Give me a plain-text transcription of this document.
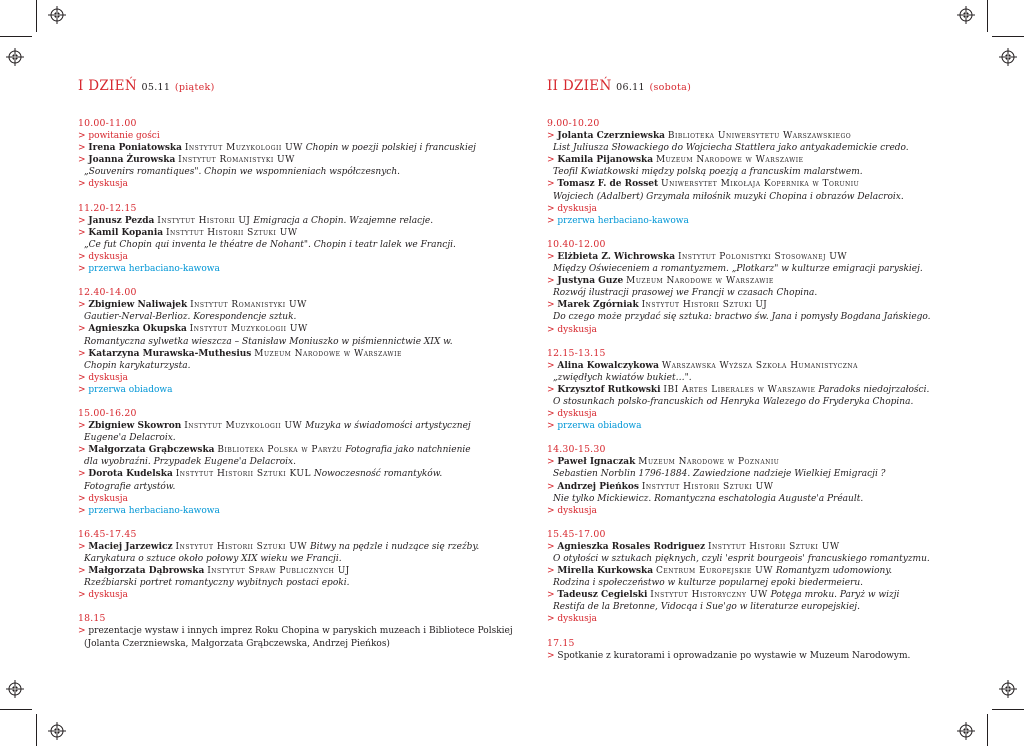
I DZIEŃ 05.11 (piątek)
10.00-11.00
> powitanie gości
> Irena Poniatowska Instytut Muzykologii UW Chopin w poezji polskiej i francuskiej
> Joanna Żurowska Instytut Romanistyki UW
„Souvenirs romantiques". Chopin we wspomnieniach współczesnych.
> dyskusja
11.20-12.15
> Janusz Pezda Instytut Historii UJ Emigracja a Chopin. Wzajemne relacje.
> Kamil Kopania Instytut Historii Sztuki UW
„Ce fut Chopin qui inventa le théatre de Nohant". Chopin i teatr lalek we Francji.
> dyskusja
> przerwa herbaciano-kawowa
12.40-14.00
> Zbigniew Naliwajek Instytut Romanistyki UW
Gautier-Nerval-Berlioz. Korespondencje sztuk.
> Agnieszka Okupska Instytut Muzykologii UW
Romantyczna sylwetka wieszcza – Stanisław Moniuszko w piśmiennictwie XIX w.
> Katarzyna Murawska-Muthesius Muzeum Narodowe w Warszawie
Chopin karykaturzysta.
> dyskusja
> przerwa obiadowa
15.00-16.20
> Zbigniew Skowron Instytut Muzykologii UW Muzyka w świadomości artystycznej
Eugene'a Delacroix.
> Małgorzata Grąbczewska Biblioteka Polska w Paryżu Fotografia jako natchnienie
dla wyobraźni. Przypadek Eugene'a Delacroix.
> Dorota Kudelska Instytut Historii Sztuki KUL Nowoczesność romantyków.
Fotografie artystów.
> dyskusja
> przerwa herbaciano-kawowa
16.45-17.45
> Maciej Jarzewicz Instytut Historii Sztuki UW Bitwy na pędzle i nudzące się rzeźby.
Karykatura o sztuce około połowy XIX wieku we Francji.
> Małgorzata Dąbrowska Instytut Spraw Publicznych UJ
Rzeźbiarski portret romantyczny wybitnych postaci epoki.
> dyskusja
18.15
> prezentacje wystaw i innych imprez Roku Chopina w paryskich muzeach i Bibliotece Polskiej
(Jolanta Czerzniewska, Małgorzata Grąbczewska, Andrzej Pieńkos)
II DZIEŃ 06.11 (sobota)
9.00-10.20
> Jolanta Czerzniewska Biblioteka Uniwersytetu Warszawskiego
List Juliusza Słowackiego do Wojciecha Stattlera jako antyakademickie credo.
> Kamila Pijanowska Muzeum Narodowe w Warszawie
Teofil Kwiatkowski między polską poezją a francuskim malarstwem.
> Tomasz F. de Rosset Uniwersytet Mikołaja Kopernika w Toruniu
Wojciech (Adalbert) Grzymała miłośnik muzyki Chopina i obrazów Delacroix.
> dyskusja
> przerwa herbaciano-kawowa
10.40-12.00
> Elżbieta Z. Wichrowska Instytut Polonistyki Stosowanej UW
Między Oświeceniem a romantyzmem. „Plotkarz" w kulturze emigracji paryskiej.
> Justyna Guze Muzeum Narodowe w Warszawie
Rozwój ilustracji prasowej we Francji w czasach Chopina.
> Marek Zgórniak Instytut Historii Sztuki UJ
Do czego może przydać się sztuka: bractwo św. Jana i pomysły Bogdana Jańskiego.
> dyskusja
12.15-13.15
> Alina Kowalczykowa Warszawska Wyższa Szkoła Humanistyczna
„zwiędłych kwiatów bukiet…".
> Krzysztof Rutkowski IBI Artes Liberales w Warszawie Paradoks niedojrzałości.
O stosunkach polsko-francuskich od Henryka Walezego do Fryderyka Chopina.
> dyskusja
> przerwa obiadowa
14.30-15.30
> Paweł Ignaczak Muzeum Narodowe w Poznaniu
Sebastien Norblin 1796-1884. Zawiedzione nadzieje Wielkiej Emigracji ?
> Andrzej Pieńkos Instytut Historii Sztuki UW
Nie tylko Mickiewicz. Romantyczna eschatologia Auguste'a Préault.
> dyskusja
15.45-17.00
> Agnieszka Rosales Rodriguez Instytut Historii Sztuki UW
O otyłości w sztukach pięknych, czyli 'esprit bourgeois' francuskiego romantyzmu.
> Mirella Kurkowska Centrum Europejskie UW Romantyzm udomowiony.
Rodzina i społeczeństwo w kulturze popularnej epoki biedermeieru.
> Tadeusz Cegielski Instytut Historyczny UW Potęga mroku. Paryż w wizji
Restifa de la Bretonne, Vidocqa i Sue'go w literaturze europejskiej.
> dyskusja
17.15
> Spotkanie z kuratorami i oprowadzanie po wystawie w Muzeum Narodowym.
